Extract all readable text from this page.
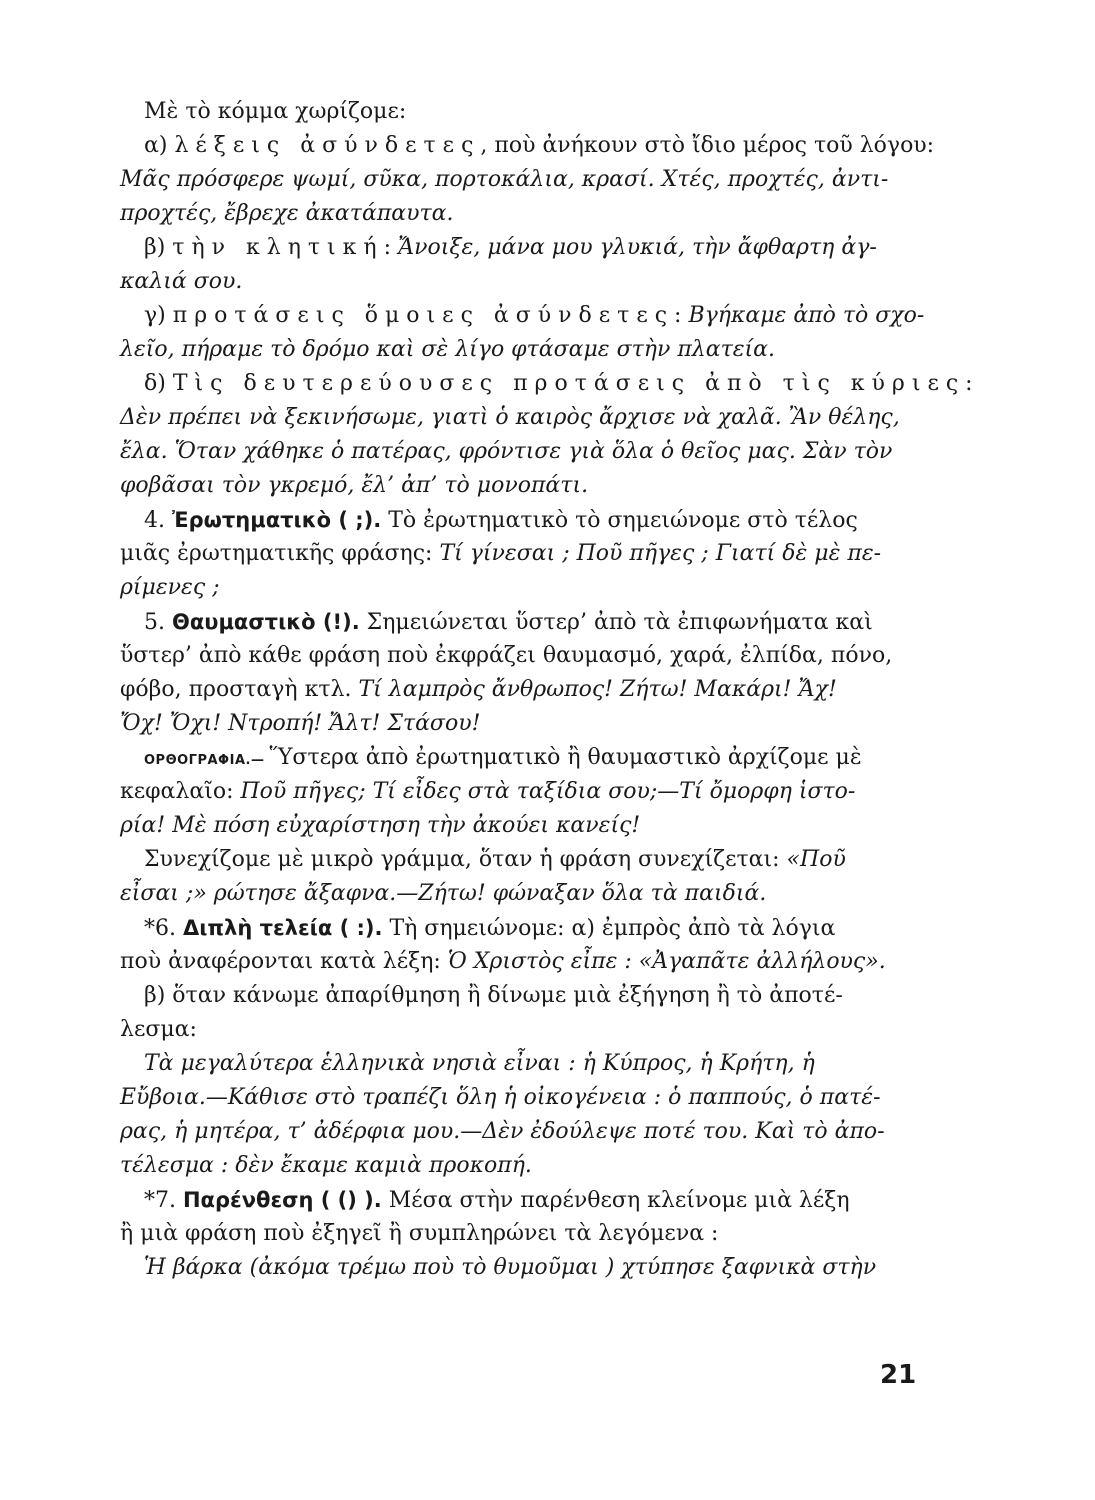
Μὲ τὸ κόμμα χωρίζομε:

α) λέξεις ἀσύνδετες, ποὺ ἀνήκουν στὸ ἴδιο μέρος τοῦ λόγου:

Μᾶς πρόσφερε ψωμί, σῦκα, πορτοκάλια, κρασί. Χτές, προχτές, ἀντι-

προχτές, ἔβρεχε ἀκατάπαυτα.

β) τὴν κλητική: Ἄνοιξε, μάνα μου γλυκιά, τὴν ἄφθαρτη ἀγ-

καλιά σου.

γ) προτάσεις ὅμοιες ἀσύνδετες: Βγήκαμε ἀπὸ τὸ σχο-

λεῖο, πήραμε τὸ δρόμο καὶ σὲ λίγο φτάσαμε στὴν πλατεία.

δ) Τὶς δευτερεύουσες προτάσεις ἀπὸ τὶς κύριες:

Δὲν πρέπει νὰ ξεκινήσωμε, γιατὶ ὁ καιρὸς ἄρχισε νὰ χαλᾶ. Ἂν θέλης,

ἔλα. Ὅταν χάθηκε ὁ πατέρας, φρόντισε γιὰ ὅλα ὁ θεῖος μας. Σὰν τὸν

φοβᾶσαι τὸν γκρεμό, ἔλ’ ἀπ’ τὸ μονοπάτι.

4. Ἐρωτηματικὸ ( ;). Τὸ ἐρωτηματικὸ τὸ σημειώνομε στὸ τέλος

μιᾶς ἐρωτηματικῆς φράσης: Τί γίνεσαι ; Ποῦ πῆγες ; Γιατί δὲ μὲ πε-

ρίμενες ;

5. Θαυμαστικὸ (!). Σημειώνεται ὕστερ’ ἀπὸ τὰ ἐπιφωνήματα καὶ

ὕστερ’ ἀπὸ κάθε φράση ποὺ ἐκφράζει θαυμασμό, χαρά, ἐλπίδα, πόνο,

φόβο, προσταγὴ κτλ. Τί λαμπρὸς ἄνθρωπος! Ζήτω! Μακάρι! Ἄχ!

Ὄχ! Ὄχι! Ντροπή! Ἄλτ! Στάσου!

ΟΡΘΟΓΡΑΦΙΑ.— Ὕστερα ἀπὸ ἐρωτηματικὸ ἢ θαυμαστικὸ ἀρχίζομε μὲ

κεφαλαῖο: Ποῦ πῆγες; Τί εἶδες στὰ ταξίδια σου;—Τί ὄμορφη ἱστο-

ρία! Μὲ πόση εὐχαρίστηση τὴν ἀκούει κανείς!

Συνεχίζομε μὲ μικρὸ γράμμα, ὅταν ἡ φράση συνεχίζεται: «Ποῦ

εἶσαι ;» ρώτησε ἄξαφνα.—Ζήτω! φώναξαν ὅλα τὰ παιδιά.

*6. Διπλὴ τελεία ( :). Τὴ σημειώνομε: α) ἐμπρὸς ἀπὸ τὰ λόγια

ποὺ ἀναφέρονται κατὰ λέξη: Ὁ Χριστὸς εἶπε : «Ἀγαπᾶτε ἀλλήλους».

β) ὅταν κάνωμε ἀπαρίθμηση ἢ δίνωμε μιὰ ἐξήγηση ἢ τὸ ἀποτέ-

λεσμα:

Τὰ μεγαλύτερα ἑλληνικὰ νησιὰ εἶναι : ἡ Κύπρος, ἡ Κρήτη, ἡ

Εὔβοια.—Κάθισε στὸ τραπέζι ὅλη ἡ οἰκογένεια : ὁ παππούς, ὁ πατέ-

ρας, ἡ μητέρα, τ’ ἀδέρφια μου.—Δὲν ἐδούλεψε ποτέ του. Καὶ τὸ ἀπο-

τέλεσμα : δὲν ἔκαμε καμιὰ προκοπή.

*7. Παρένθεση ( () ). Μέσα στὴν παρένθεση κλείνομε μιὰ λέξη

ἢ μιὰ φράση ποὺ ἐξηγεῖ ἢ συμπληρώνει τὰ λεγόμενα :

Ἡ βάρκα (ἀκόμα τρέμω ποὺ τὸ θυμοῦμαι ) χτύπησε ξαφνικὰ στὴν

21
